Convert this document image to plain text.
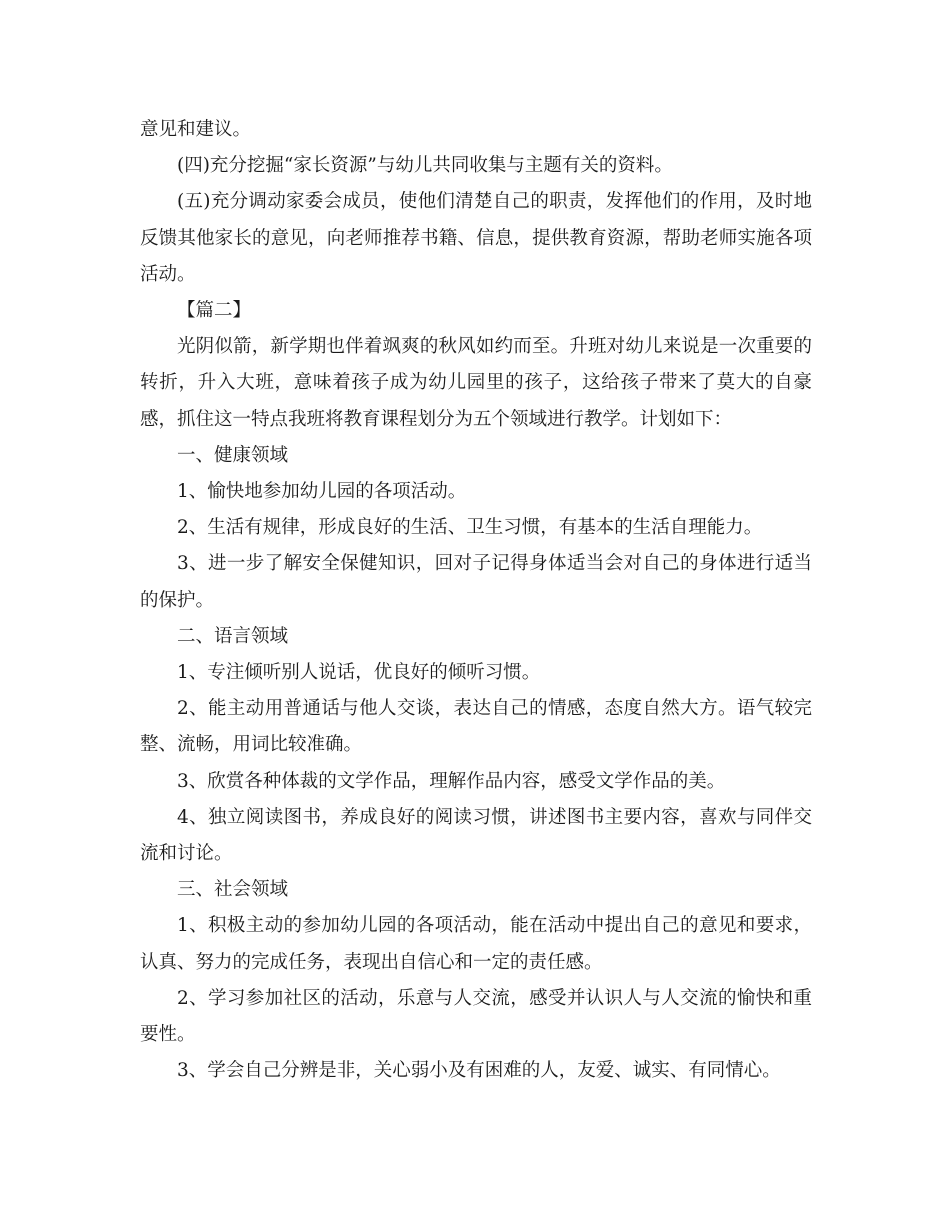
意见和建议。

(四)充分挖掘“家长资源”与幼儿共同收集与主题有关的资料。

(五)充分调动家委会成员，使他们清楚自己的职责，发挥他们的作用，及时地反馈其他家长的意见，向老师推荐书籍、信息，提供教育资源，帮助老师实施各项活动。

【篇二】

光阴似箭，新学期也伴着飒爽的秋风如约而至。升班对幼儿来说是一次重要的转折，升入大班，意味着孩子成为幼儿园里的孩子，这给孩子带来了莫大的自豪感，抓住这一特点我班将教育课程划分为五个领域进行教学。计划如下：

一、健康领域

1、愉快地参加幼儿园的各项活动。

2、生活有规律，形成良好的生活、卫生习惯，有基本的生活自理能力。

3、进一步了解安全保健知识，回对子记得身体适当会对自己的身体进行适当的保护。

二、语言领域

1、专注倾听别人说话，优良好的倾听习惯。

2、能主动用普通话与他人交谈，表达自己的情感，态度自然大方。语气较完整、流畅，用词比较准确。

3、欣赏各种体裁的文学作品，理解作品内容，感受文学作品的美。

4、独立阅读图书，养成良好的阅读习惯，讲述图书主要内容，喜欢与同伴交流和讨论。

三、社会领域

1、积极主动的参加幼儿园的各项活动，能在活动中提出自己的意见和要求，认真、努力的完成任务，表现出自信心和一定的责任感。

2、学习参加社区的活动，乐意与人交流，感受并认识人与人交流的愉快和重要性。

3、学会自己分辨是非，关心弱小及有困难的人，友爱、诚实、有同情心。
